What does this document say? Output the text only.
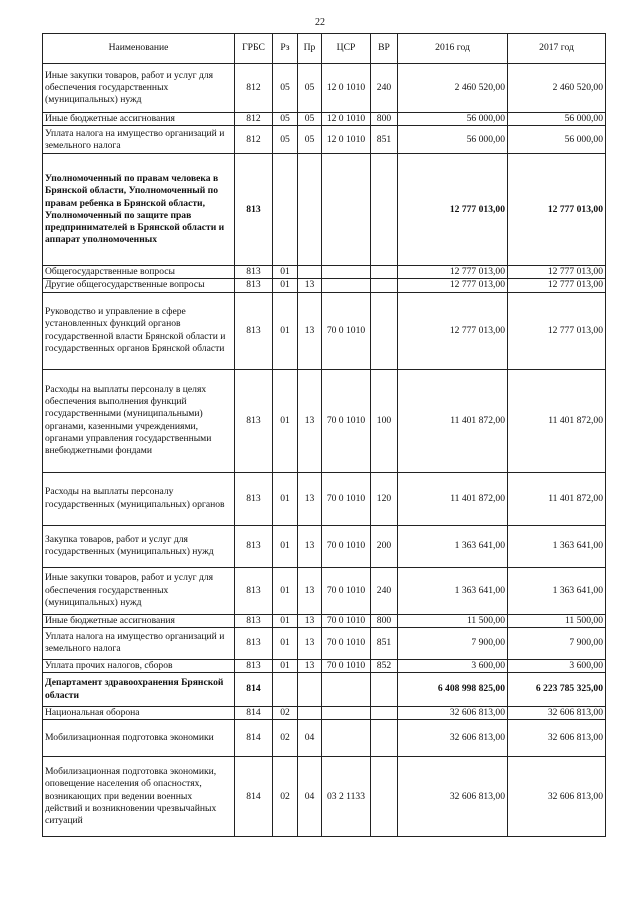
22
Наименование	ГРБС	Рз	Пр	ЦСР	ВР	2016 год	2017 год
Иные закупки товаров, работ и услуг для обеспечения государственных (муниципальных) нужд	812	05	05	12 0 1010	240	2 460 520,00	2 460 520,00
Иные бюджетные ассигнования	812	05	05	12 0 1010	800	56 000,00	56 000,00
Уплата налога на имущество организаций и земельного налога	812	05	05	12 0 1010	851	56 000,00	56 000,00
Уполномоченный по правам человека в Брянской области, Уполномоченный по правам ребенка в Брянской области, Уполномоченный по защите прав предпринимателей в Брянской области и аппарат уполномоченных	813					12 777 013,00	12 777 013,00
Общегосударственные вопросы	813	01				12 777 013,00	12 777 013,00
Другие общегосударственные вопросы	813	01	13			12 777 013,00	12 777 013,00
Руководство и управление в сфере установленных функций органов государственной власти Брянской области и государственных органов Брянской области	813	01	13	70 0 1010		12 777 013,00	12 777 013,00
Расходы на выплаты персоналу в целях обеспечения выполнения функций государственными (муниципальными) органами, казенными учреждениями, органами управления государственными внебюджетными фондами	813	01	13	70 0 1010	100	11 401 872,00	11 401 872,00
Расходы на выплаты персоналу государственных (муниципальных) органов	813	01	13	70 0 1010	120	11 401 872,00	11 401 872,00
Закупка товаров, работ и услуг для государственных (муниципальных) нужд	813	01	13	70 0 1010	200	1 363 641,00	1 363 641,00
Иные закупки товаров, работ и услуг для обеспечения государственных (муниципальных) нужд	813	01	13	70 0 1010	240	1 363 641,00	1 363 641,00
Иные бюджетные ассигнования	813	01	13	70 0 1010	800	11 500,00	11 500,00
Уплата налога на имущество организаций и земельного налога	813	01	13	70 0 1010	851	7 900,00	7 900,00
Уплата прочих налогов, сборов	813	01	13	70 0 1010	852	3 600,00	3 600,00
Департамент здравоохранения Брянской области	814					6 408 998 825,00	6 223 785 325,00
Национальная оборона	814	02				32 606 813,00	32 606 813,00
Мобилизационная подготовка экономики	814	02	04			32 606 813,00	32 606 813,00
Мобилизационная подготовка экономики, оповещение населения об опасностях, возникающих при ведении военных действий и возникновении чрезвычайных ситуаций	814	02	04	03 2 1133		32 606 813,00	32 606 813,00
